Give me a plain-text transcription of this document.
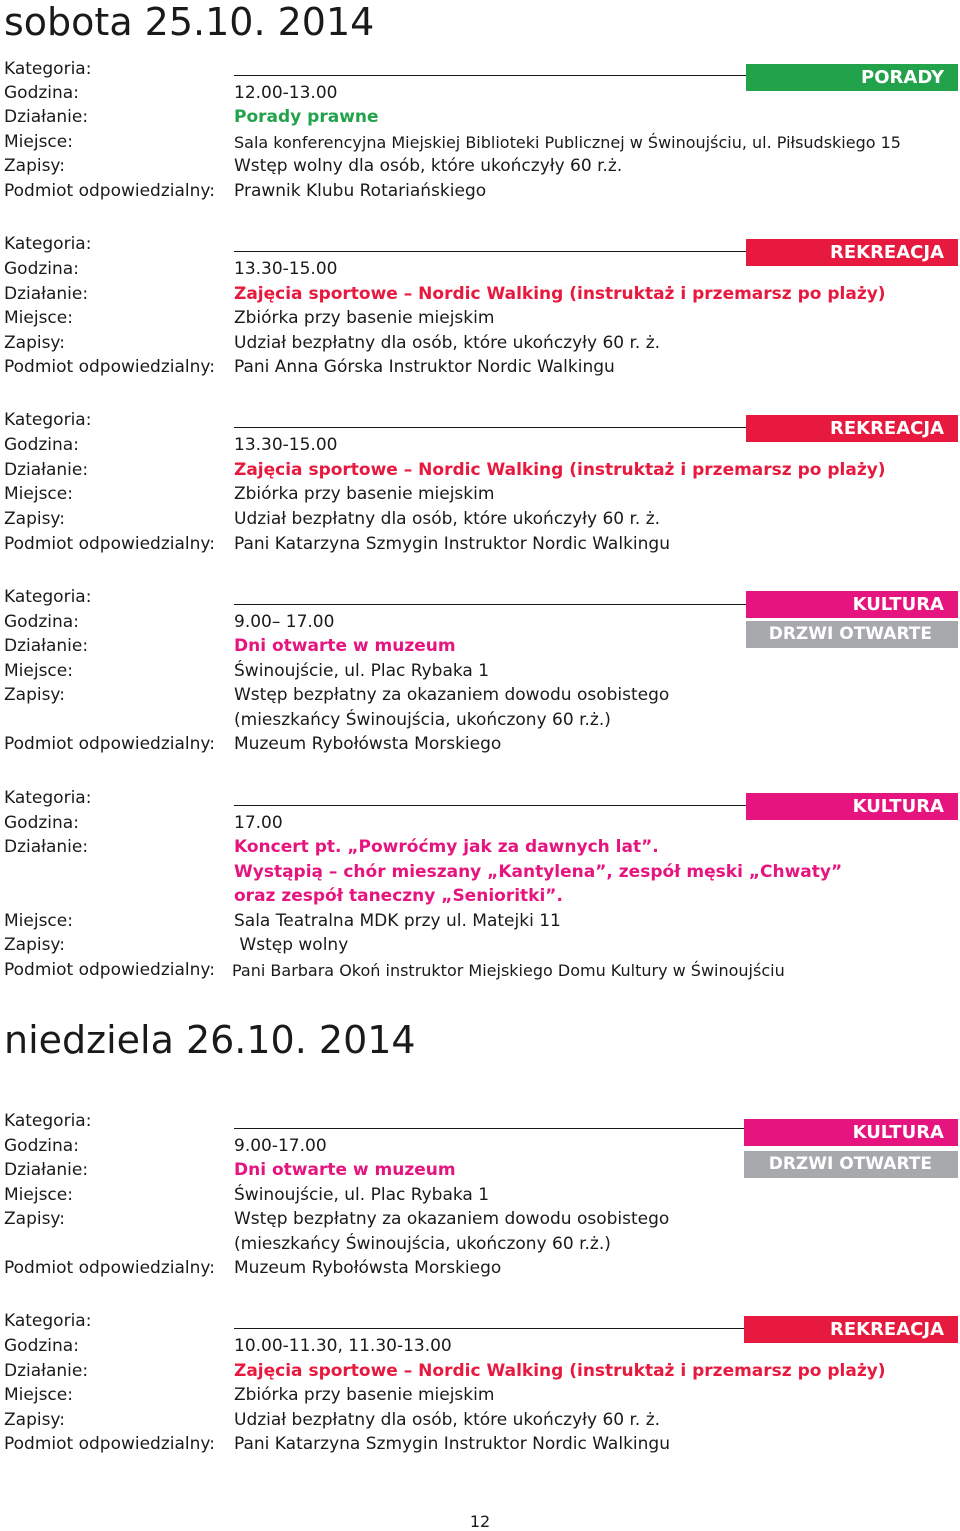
sobota 25.10. 2014
Kategoria:	PORADY
Godzina:	12.00-13.00
Działanie:	Porady prawne
Miejsce:	Sala konferencyjna Miejskiej Biblioteki Publicznej w Świnoujściu, ul. Piłsudskiego 15
Zapisy:	Wstęp wolny dla osób, które ukończyły 60 r.ż.
Podmiot odpowiedzialny: Prawnik Klubu Rotariańskiego
Kategoria:	REKREACJA
Godzina:	13.30-15.00
Działanie:	Zajęcia sportowe – Nordic Walking (instruktaż i przemarsz po plaży)
Miejsce:	Zbiórka przy basenie miejskim
Zapisy:	Udział bezpłatny dla osób, które ukończyły 60 r. ż.
Podmiot odpowiedzialny: Pani Anna Górska Instruktor Nordic Walkingu
Kategoria:	REKREACJA
Godzina:	13.30-15.00
Działanie:	Zajęcia sportowe – Nordic Walking (instruktaż i przemarsz po plaży)
Miejsce:	Zbiórka przy basenie miejskim
Zapisy:	Udział bezpłatny dla osób, które ukończyły 60 r. ż.
Podmiot odpowiedzialny: Pani Katarzyna Szmygin Instruktor Nordic Walkingu
Kategoria:	KULTURA
DRZWI OTWARTE
Godzina:	9.00– 17.00
Działanie:	Dni otwarte w muzeum
Miejsce:	Świnoujście, ul. Plac Rybaka 1
Zapisy:	Wstęp bezpłatny za okazaniem dowodu osobistego
(mieszkańcy Świnoujścia, ukończony 60 r.ż.)
Podmiot odpowiedzialny: Muzeum Rybołówsta Morskiego
Kategoria:	KULTURA
Godzina:	17.00
Działanie:	Koncert pt. „Powróćmy jak za dawnych lat”.
Wystąpią – chór mieszany „Kantylena”, zespół męski „Chwaty”
oraz zespół taneczny „Senioritki”.
Miejsce:	Sala Teatralna MDK przy ul. Matejki 11
Zapisy:	Wstęp wolny
Podmiot odpowiedzialny: Pani Barbara Okoń instruktor Miejskiego Domu Kultury w Świnoujściu
niedziela 26.10. 2014
Kategoria:
KULTURA
DRZWI OTWARTE
Godzina:	9.00-17.00
Działanie:	Dni otwarte w muzeum
Miejsce:	Świnoujście, ul. Plac Rybaka 1
Zapisy:	Wstęp bezpłatny za okazaniem dowodu osobistego
(mieszkańcy Świnoujścia, ukończony 60 r.ż.)
Podmiot odpowiedzialny: Muzeum Rybołówsta Morskiego
Kategoria:	REKREACJA
Godzina:	10.00-11.30, 11.30-13.00
Działanie:	Zajęcia sportowe – Nordic Walking (instruktaż i przemarsz po plaży)
Miejsce:	Zbiórka przy basenie miejskim
Zapisy:	Udział bezpłatny dla osób, które ukończyły 60 r. ż.
Podmiot odpowiedzialny: Pani Katarzyna Szmygin Instruktor Nordic Walkingu
12
